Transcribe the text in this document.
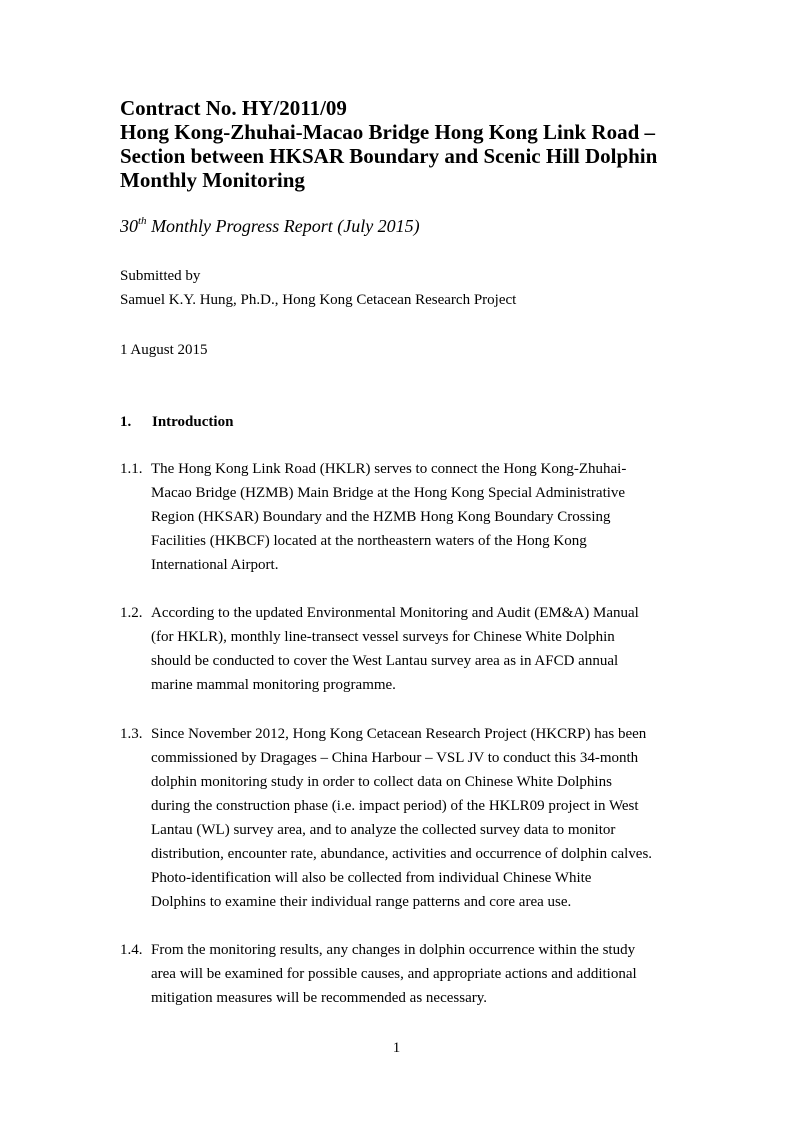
Contract No. HY/2011/09

Hong Kong-Zhuhai-Macao Bridge Hong Kong Link Road –

Section between HKSAR Boundary and Scenic Hill Dolphin

Monthly Monitoring

30th Monthly Progress Report (July 2015)
Submitted by
Samuel K.Y. Hung, Ph.D., Hong Kong Cetacean Research Project
1 August 2015
1. Introduction
1.1. The Hong Kong Link Road (HKLR) serves to connect the Hong Kong-Zhuhai-
Macao Bridge (HZMB) Main Bridge at the Hong Kong Special Administrative
Region (HKSAR) Boundary and the HZMB Hong Kong Boundary Crossing
Facilities (HKBCF) located at the northeastern waters of the Hong Kong
International Airport.
1.2. According to the updated Environmental Monitoring and Audit (EM&A) Manual
(for HKLR), monthly line-transect vessel surveys for Chinese White Dolphin
should be conducted to cover the West Lantau survey area as in AFCD annual
marine mammal monitoring programme.
1.3. Since November 2012, Hong Kong Cetacean Research Project (HKCRP) has been
commissioned by Dragages – China Harbour – VSL JV to conduct this 34-month
dolphin monitoring study in order to collect data on Chinese White Dolphins
during the construction phase (i.e. impact period) of the HKLR09 project in West
Lantau (WL) survey area, and to analyze the collected survey data to monitor
distribution, encounter rate, abundance, activities and occurrence of dolphin calves.
Photo-identification will also be collected from individual Chinese White
Dolphins to examine their individual range patterns and core area use.
1.4. From the monitoring results, any changes in dolphin occurrence within the study
area will be examined for possible causes, and appropriate actions and additional
mitigation measures will be recommended as necessary.
1
